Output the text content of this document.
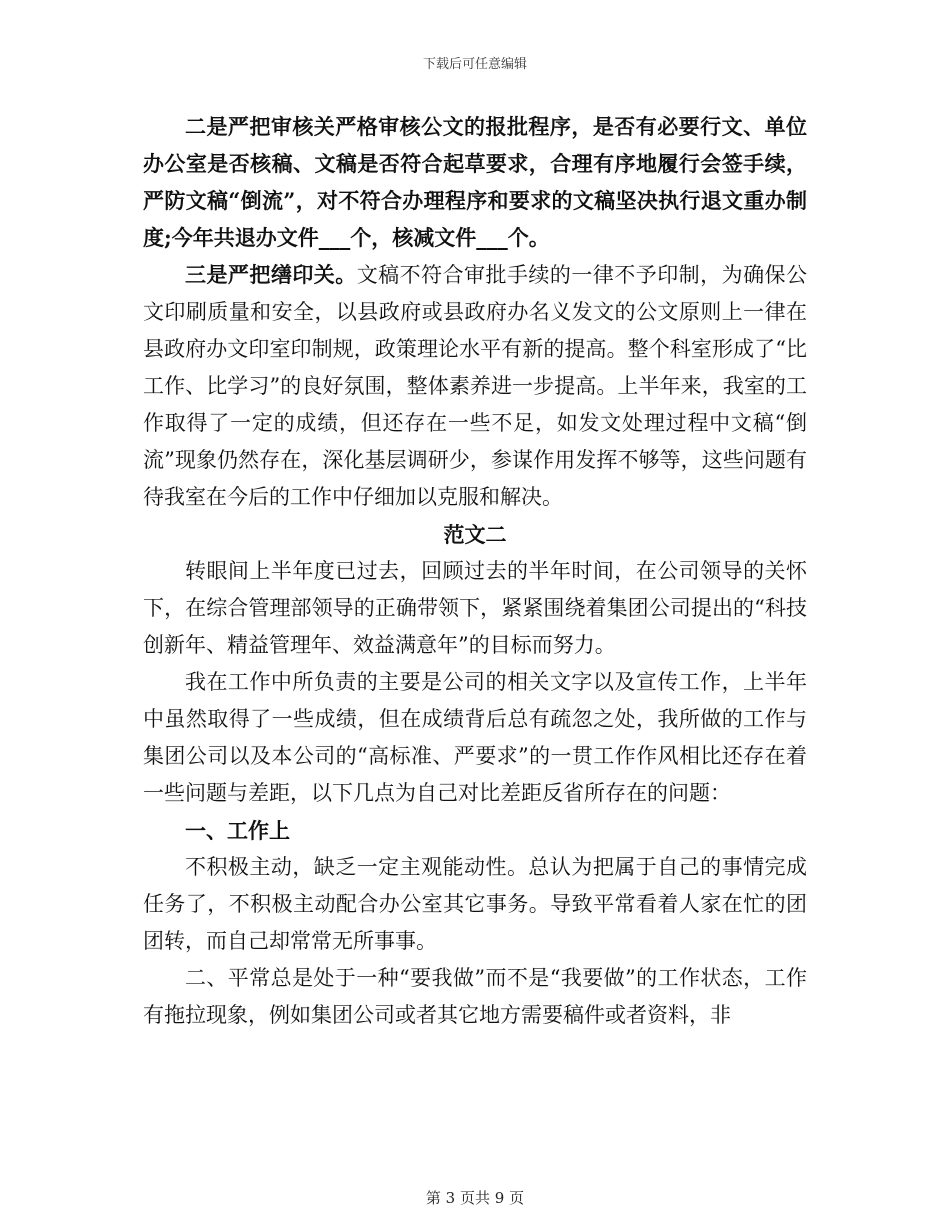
下载后可任意编辑

二是严把审核关严格审核公文的报批程序，是否有必要行文、单位办公室是否核稿、文稿是否符合起草要求，合理有序地履行会签手续，严防文稿“倒流”，对不符合办理程序和要求的文稿坚决执行退文重办制度;今年共退办文件___个，核减文件___个。

三是严把缮印关。文稿不符合审批手续的一律不予印制，为确保公文印刷质量和安全，以县政府或县政府办名义发文的公文原则上一律在县政府办文印室印制规，政策理论水平有新的提高。整个科室形成了“比工作、比学习”的良好氛围，整体素养进一步提高。上半年来，我室的工作取得了一定的成绩，但还存在一些不足，如发文处理过程中文稿“倒流”现象仍然存在，深化基层调研少，参谋作用发挥不够等，这些问题有待我室在今后的工作中仔细加以克服和解决。

范文二

转眼间上半年度已过去，回顾过去的半年时间，在公司领导的关怀下，在综合管理部领导的正确带领下，紧紧围绕着集团公司提出的“科技创新年、精益管理年、效益满意年”的目标而努力。

我在工作中所负责的主要是公司的相关文字以及宣传工作，上半年中虽然取得了一些成绩，但在成绩背后总有疏忽之处，我所做的工作与集团公司以及本公司的“高标准、严要求”的一贯工作作风相比还存在着一些问题与差距，以下几点为自己对比差距反省所存在的问题：

一、工作上

不积极主动，缺乏一定主观能动性。总认为把属于自己的事情完成任务了，不积极主动配合办公室其它事务。导致平常看着人家在忙的团团转，而自己却常常无所事事。

二、平常总是处于一种“要我做”而不是“我要做”的工作状态，工作有拖拉现象，例如集团公司或者其它地方需要稿件或者资料，非

第 3 页共 9 页
